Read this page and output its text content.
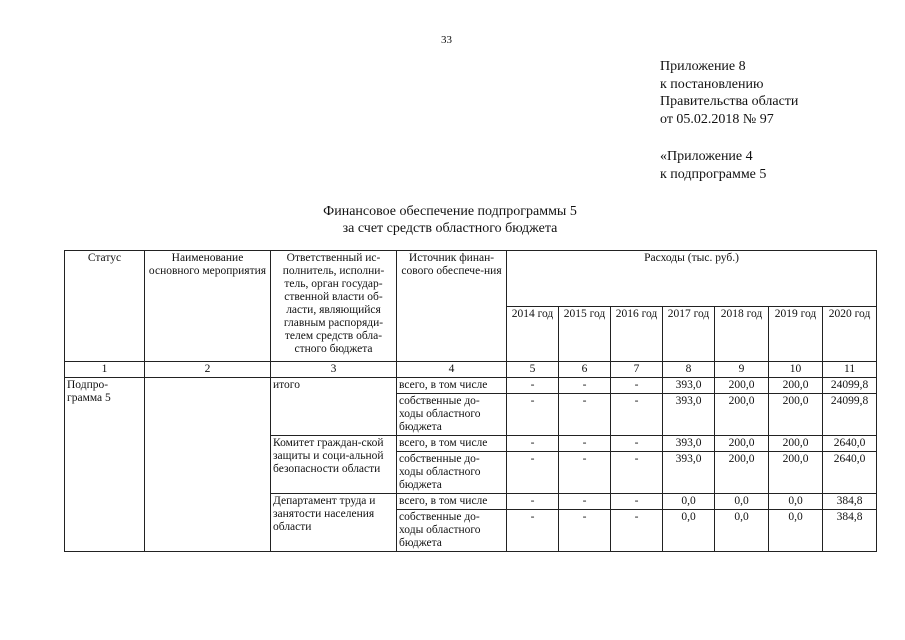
33
Приложение 8
к постановлению
Правительства области
от 05.02.2018 № 97
«Приложение 4
к подпрограмме 5
Финансовое обеспечение подпрограммы 5
за счет средств областного бюджета
Статус	Наименование основного мероприятия	Ответственный ис-полнитель, исполни-тель, орган государ-ственной власти об-ласти, являющийся главным распоряди-телем средств обла-стного бюджета	Источник финан-сового обеспече-ния	Расходы (тыс. руб.)						
				2014 год	2015 год	2016 год	2017 год	2018 год	2019 год	2020 год
1	2	3	4	5	6	7	8	9	10	11
Подпро-грамма 5		итого	всего, в том числе	-	-	-	393,0	200,0	200,0	24099,8
			собственные до-ходы областного бюджета	-	-	-	393,0	200,0	200,0	24099,8
		Комитет граждан-ской защиты и соци-альной безопасности области	всего, в том числе	-	-	-	393,0	200,0	200,0	2640,0
			собственные до-ходы областного бюджета	-	-	-	393,0	200,0	200,0	2640,0
		Департамент труда и занятости населения области	всего, в том числе	-	-	-	0,0	0,0	0,0	384,8
			собственные до-ходы областного бюджета	-	-	-	0,0	0,0	0,0	384,8
